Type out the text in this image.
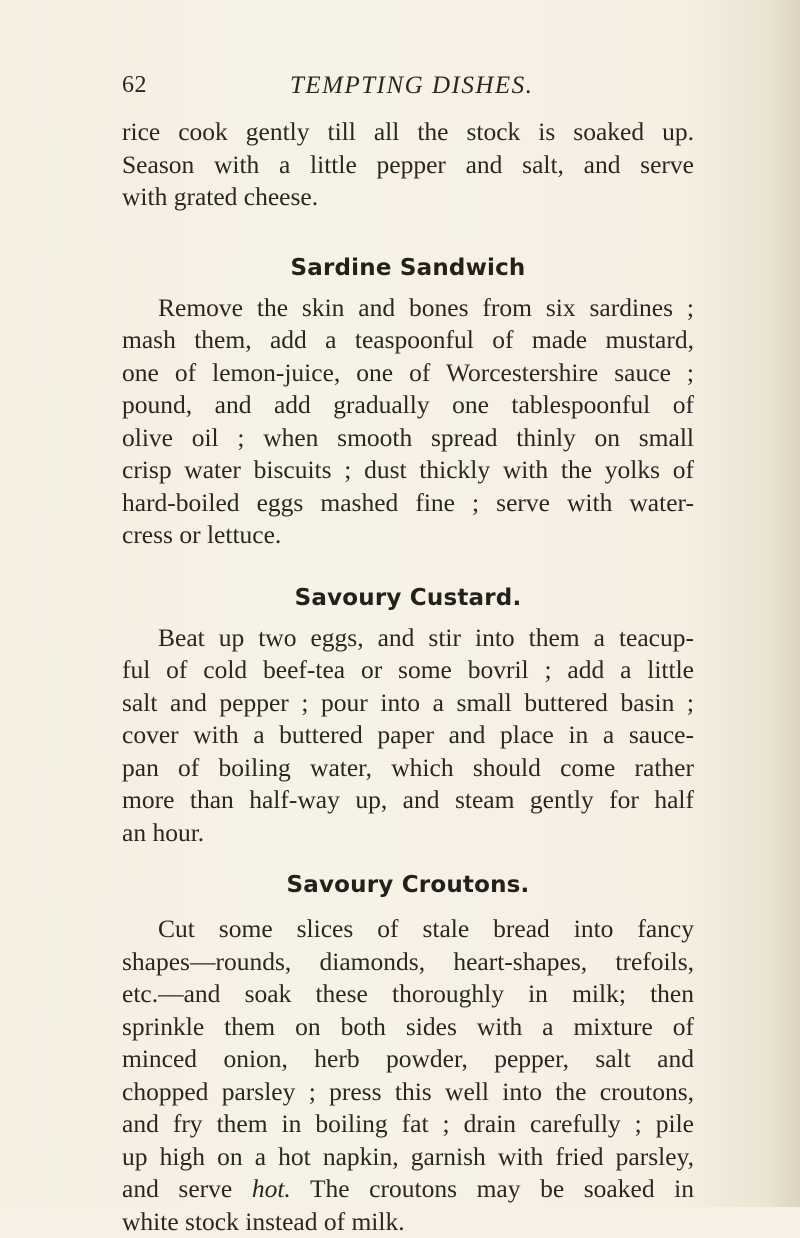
62	TEMPTING DISHES.
rice cook gently till all the stock is soaked up.
Season with a little pepper and salt, and serve
with grated cheese.
Sardine Sandwich
Remove the skin and bones from six sardines ;
mash them, add a teaspoonful of made mustard,
one of lemon-juice, one of Worcestershire sauce ;
pound, and add gradually one tablespoonful of
olive oil ; when smooth spread thinly on small
crisp water biscuits ; dust thickly with the yolks of
hard-boiled eggs mashed fine ; serve with water-
cress or lettuce.
Savoury Custard.
Beat up two eggs, and stir into them a teacup-
ful of cold beef-tea or some bovril ; add a little
salt and pepper ; pour into a small buttered basin ;
cover with a buttered paper and place in a sauce-
pan of boiling water, which should come rather
more than half-way up, and steam gently for half
an hour.
Savoury Croutons.
Cut some slices of stale bread into fancy
shapes—rounds, diamonds, heart-shapes, trefoils,
etc.—and soak these thoroughly in milk; then
sprinkle them on both sides with a mixture of
minced onion, herb powder, pepper, salt and
chopped parsley ; press this well into the croutons,
and fry them in boiling fat ; drain carefully ; pile
up high on a hot napkin, garnish with fried parsley,
and serve hot. The croutons may be soaked in
white stock instead of milk.
